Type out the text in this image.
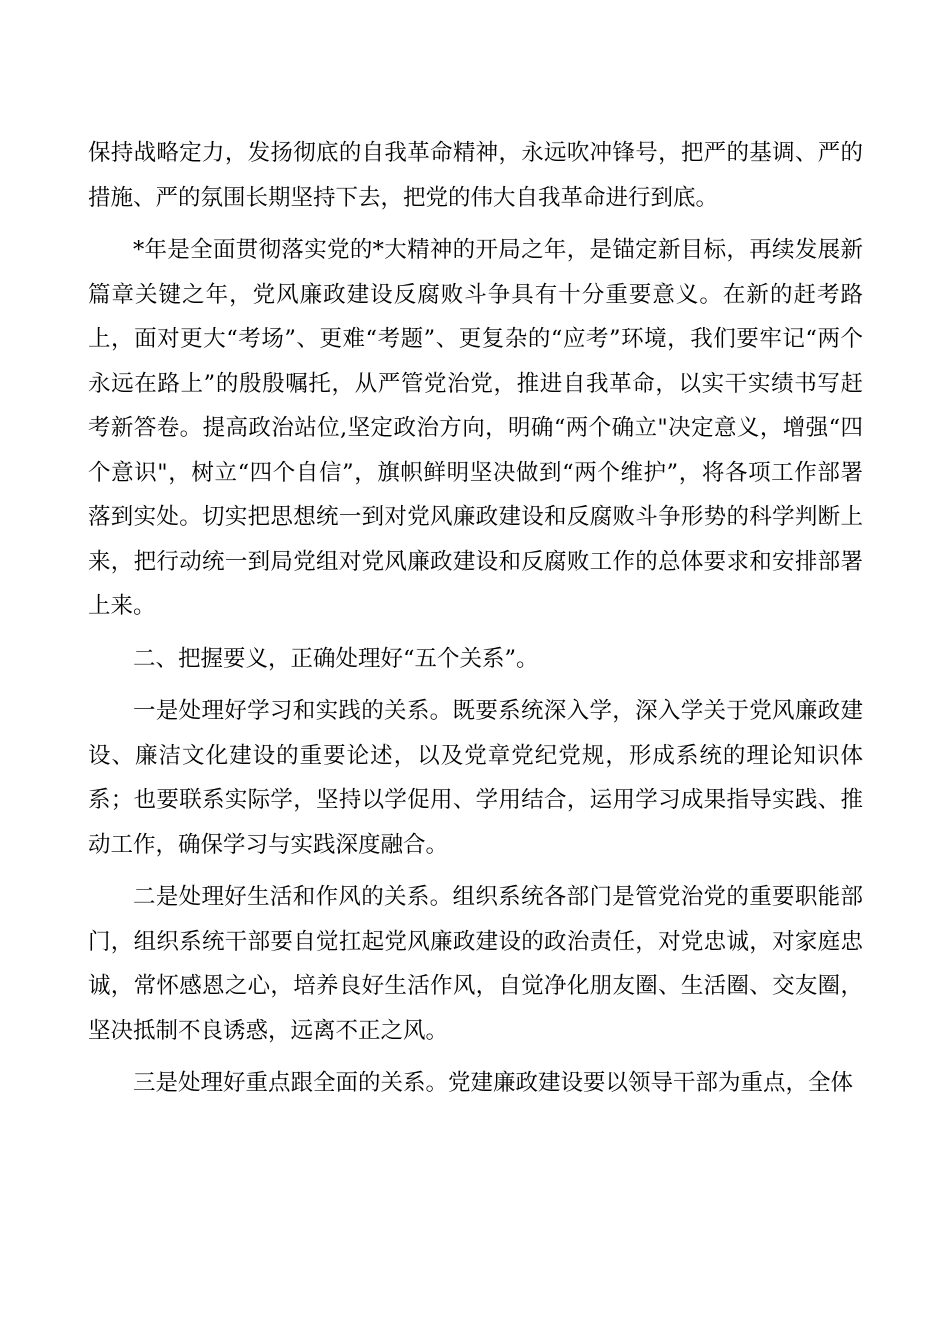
保持战略定力，发扬彻底的自我革命精神，永远吹冲锋号，把严的基调、严的措施、严的氛围长期坚持下去，把党的伟大自我革命进行到底。

*年是全面贯彻落实党的*大精神的开局之年，是锚定新目标，再续发展新篇章关键之年，党风廉政建设反腐败斗争具有十分重要意义。在新的赶考路上，面对更大“考场”、更难“考题”、更复杂的“应考”环境，我们要牢记“两个永远在路上”的殷殷嘱托，从严管党治党，推进自我革命，以实干实绩书写赶考新答卷。提高政治站位,坚定政治方向，明确“两个确立"决定意义，增强“四个意识"，树立“四个自信”，旗帜鲜明坚决做到“两个维护”，将各项工作部署落到实处。切实把思想统一到对党风廉政建设和反腐败斗争形势的科学判断上来，把行动统一到局党组对党风廉政建设和反腐败工作的总体要求和安排部署上来。

二、把握要义，正确处理好“五个关系”。

一是处理好学习和实践的关系。既要系统深入学，深入学关于党风廉政建设、廉洁文化建设的重要论述，以及党章党纪党规，形成系统的理论知识体系；也要联系实际学，坚持以学促用、学用结合，运用学习成果指导实践、推动工作，确保学习与实践深度融合。

二是处理好生活和作风的关系。组织系统各部门是管党治党的重要职能部门，组织系统干部要自觉扛起党风廉政建设的政治责任，对党忠诚，对家庭忠诚，常怀感恩之心，培养良好生活作风，自觉净化朋友圈、生活圈、交友圈，坚决抵制不良诱惑，远离不正之风。

三是处理好重点跟全面的关系。党建廉政建设要以领导干部为重点，全体
